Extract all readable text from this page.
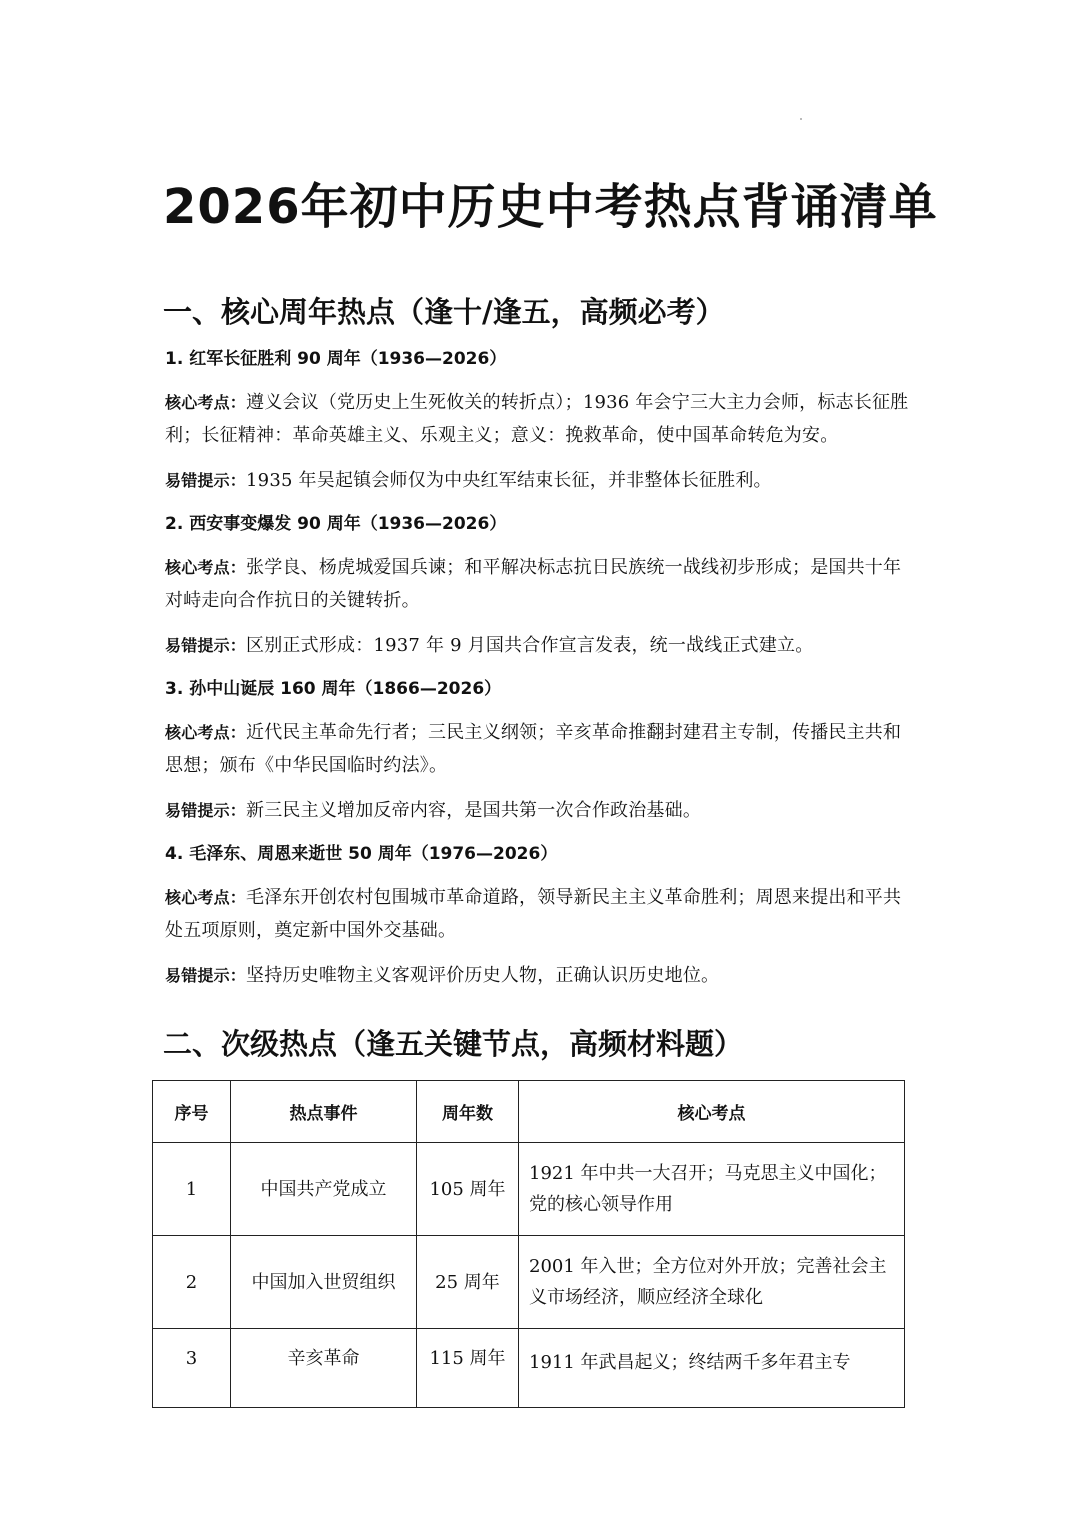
2026年初中历史中考热点背诵清单
一、核心周年热点（逢十/逢五，高频必考）

1. 红军长征胜利 90 周年（1936—2026）

核心考点：遵义会议（党历史上生死攸关的转折点）；1936 年会宁三大主力会师，标志长征胜利；长征精神：革命英雄主义、乐观主义；意义：挽救革命，使中国革命转危为安。

易错提示：1935 年吴起镇会师仅为中央红军结束长征，并非整体长征胜利。

2. 西安事变爆发 90 周年（1936—2026）

核心考点：张学良、杨虎城爱国兵谏；和平解决标志抗日民族统一战线初步形成；是国共十年对峙走向合作抗日的关键转折。

易错提示：区别正式形成：1937 年 9 月国共合作宣言发表，统一战线正式建立。

3. 孙中山诞辰 160 周年（1866—2026）

核心考点：近代民主革命先行者；三民主义纲领；辛亥革命推翻封建君主专制，传播民主共和思想；颁布《中华民国临时约法》。

易错提示：新三民主义增加反帝内容，是国共第一次合作政治基础。

4. 毛泽东、周恩来逝世 50 周年（1976—2026）

核心考点：毛泽东开创农村包围城市革命道路，领导新民主主义革命胜利；周恩来提出和平共处五项原则，奠定新中国外交基础。

易错提示：坚持历史唯物主义客观评价历史人物，正确认识历史地位。

二、次级热点（逢五关键节点，高频材料题）
序号	热点事件	周年数	核心考点
1	中国共产党成立	105 周年	1921 年中共一大召开；马克思主义中国化；党的核心领导作用
2	中国加入世贸组织	25 周年	2001 年入世；全方位对外开放；完善社会主义市场经济，顺应经济全球化
3	辛亥革命	115 周年	1911 年武昌起义；终结两千多年君主专
